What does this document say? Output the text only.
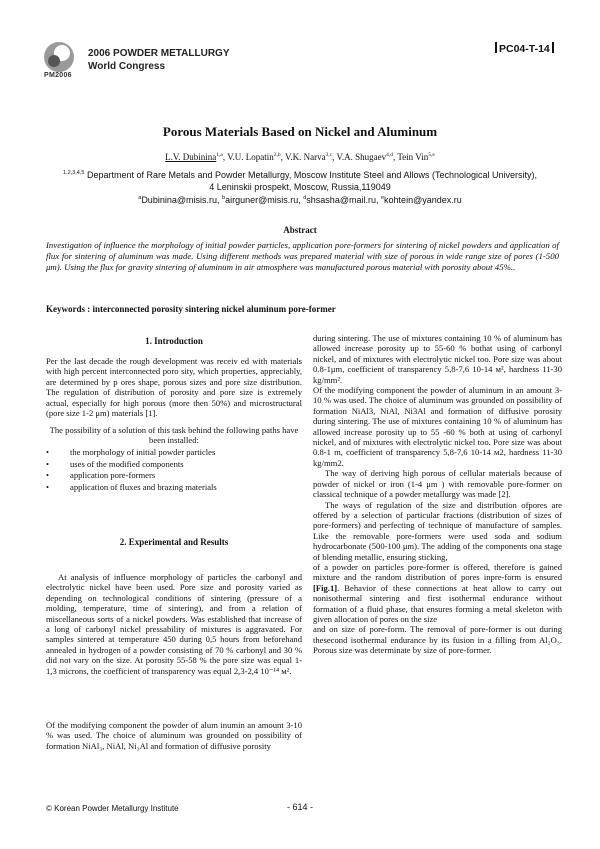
PM2006
2006 POWDER METALLURGY
World Congress
PC04-T-14
Porous Materials Based on Nickel and Aluminum
L.V. Dubinina$^{1,a}$, V.U. Lopatin$^{2,b}$, V.K. Narva$^{3,c}$, V.A. Shugaev$^{4,d}$, Tein Vin$^{5,e}$
$^{1,2,3,4,5}$ Department of Rare Metals and Powder Metallurgy, Moscow Institute Steel and Allows (Technological University), 4 Leninskii prospekt, Moscow, Russia,119049
$^a$Dubinina@misis.ru, $^b$airguner@misis.ru, $^d$shsasha@mail.ru, $^e$kohtein@yandex.ru
Abstract
Investigation of influence the morphology of initial powder particles, application pore-formers for sintering of nickel powders and application of flux for sintering of aluminum was made. Using different methods was prepared material with size of porous in wide range size of pores (1-500 μm). Using the flux for gravity sintering of aluminum in air atmosphere was manufactured porous material with porosity about 45%..
Keywords : interconnected porosity sintering nickel aluminum pore-former
1. Introduction
Per the last decade the rough development was receiv ed with materials with high percent interconnected poro sity, which properties, appreciably, are determined by p ores shape, porous sizes and pore size distribution. The regulation of distribution of porosity and pore size is extremely actual, especially for high porous (more then 50%) and microstructural (pore size 1-2 μm) materials [1].
The possibility of a solution of this task behind the following paths have been installed:
• the morphology of initial powder particles
• uses of the modified components
• application pore-formers
• application of fluxes and brazing materials
2. Experimental and Results
At analysis of influence morphology of particles the carbonyl and electrolytic nickel have been used. Pore size and porosity varied as depending on technological conditions of sintering (pressure of a molding, temperature, time of sintering), and from a relation of miscellaneous sorts of a nickel powders. Was established that increase of a long of carbonyl nickel pressability of mixtures is aggravated. For samples sintered at temperature 450 during 0,5 hours from beforehand annealed in hydrogen of a powder consisting of 70 % carbonyl and 30 % did not vary on the size. At porosity 55-58 % the pore size was equal 1-1,3 microns, the coefficient of transparency was equal 2,3-2,4 10⁻¹⁴ м².
Of the modifying component the powder of alum inumin an amount 3-10 % was used. The choice of aluminum was grounded on possibility of formation NiAl₃, NiAl, Ni₃Al and formation of diffusive porosity

during sintering. The use of mixtures containing 10 % of aluminum has allowed increase porosity up to 55-60 % bothat using of carbonyl nickel, and of mixtures with electrolytic nickel too. Pore size was about 0.8-1μm, coefficient of transparency 5,8-7,6 10-14 м², hardness 11-30 kg/mm².

Of the modifying component the powder of aluminum in an amount 3-10 % was used. The choice of aluminum was grounded on possibility of formation NiAl3, NiAl, Ni3Al and formation of diffusive porosity during sintering. The use of mixtures containing 10 % of aluminum has allowed increase porosity up to 55 -60 % both at using of carbonyl nickel, and of mixtures with electrolytic nickel too. Pore size was about 0.8-1 m, coefficient of transparency 5,8-7,6 10-14 м2, hardness 11-30 kg/mm2.

The way of deriving high porous of cellular materials because of powder of nickel or iron (1-4 μm ) with removable pore-former on classical technique of a powder metallurgy was made [2].

The ways of regulation of the size and distribution ofpores are offered by a selection of particular fractions (distribution of sizes of pore-formers) and perfecting of technique of manufacture of samples. Like the removable pore-formers were used soda and sodium hydrocarbonate (500-100 μm). The adding of the components ona stage of blending metallic, ensuring sticking,

of a powder on particles pore-former is offered, therefore is gained mixture and the random distribution of pores inpre-form is ensured [Fig.1]. Behavior of these connections at heat allow to carry out nonisothermal sintering and first isothermal endurance without formation of a fluid phase, that ensures forming a metal skeleton with given allocation of pores on the size

and on size of pore-form. The removal of pore-former is out during thesecond isothermal endurance by its fusion in a filling from Al₂O₃. Porous size was determinate by size of pore-former.

© Korean Powder Metallurgy Institute	- 614 -
